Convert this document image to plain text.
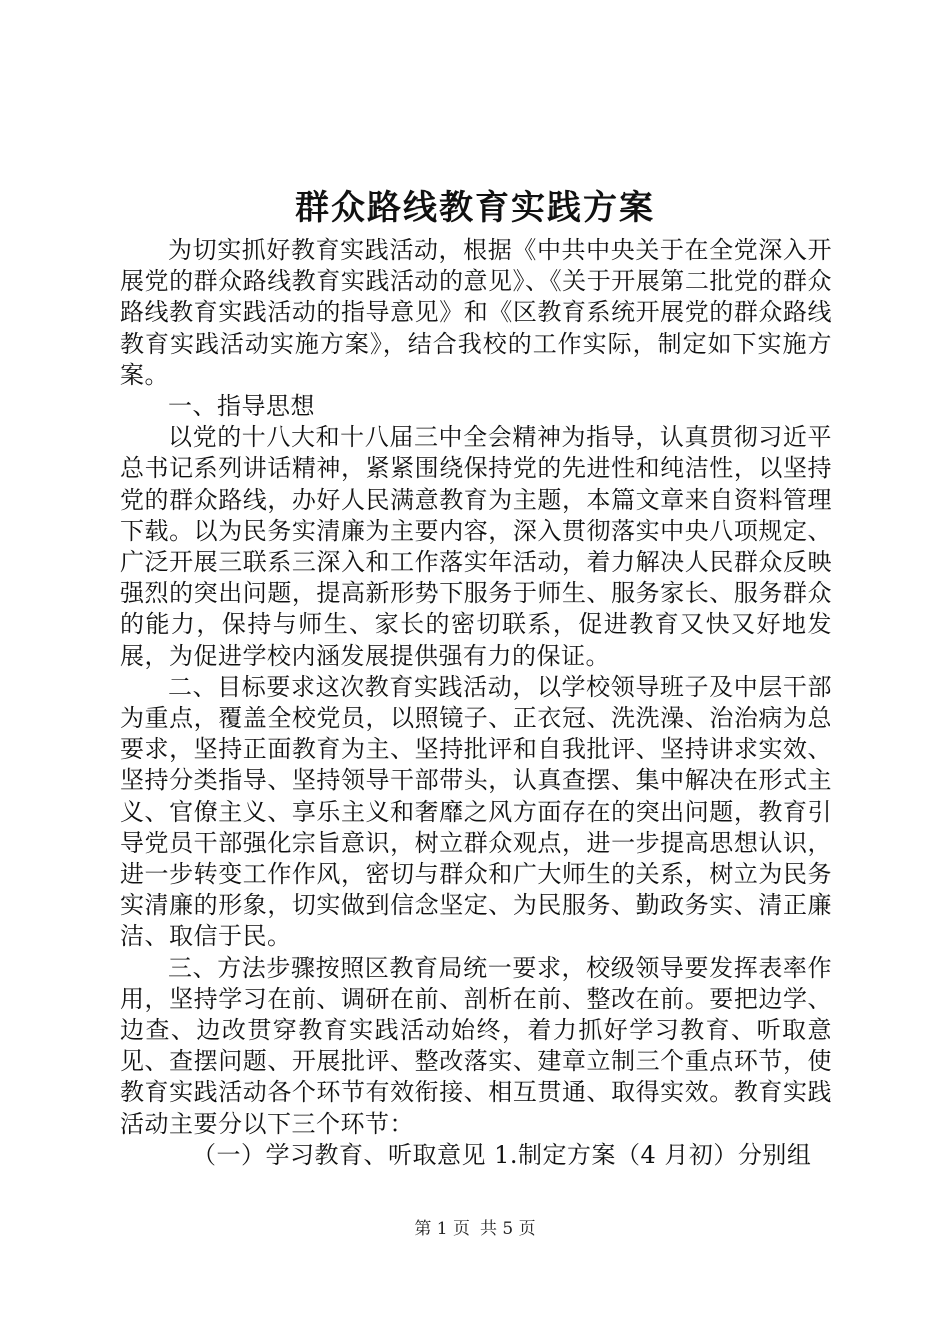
群众路线教育实践方案

为切实抓好教育实践活动，根据《中共中央关于在全党深入开展党的群众路线教育实践活动的意见》、《关于开展第二批党的群众路线教育实践活动的指导意见》和《区教育系统开展党的群众路线教育实践活动实施方案》，结合我校的工作实际，制定如下实施方案。

一、指导思想

以党的十八大和十八届三中全会精神为指导，认真贯彻习近平总书记系列讲话精神，紧紧围绕保持党的先进性和纯洁性，以坚持党的群众路线，办好人民满意教育为主题，本篇文章来自资料管理下载。以为民务实清廉为主要内容，深入贯彻落实中央八项规定、广泛开展三联系三深入和工作落实年活动，着力解决人民群众反映强烈的突出问题，提高新形势下服务于师生、服务家长、服务群众的能力，保持与师生、家长的密切联系，促进教育又快又好地发展，为促进学校内涵发展提供强有力的保证。

二、目标要求这次教育实践活动，以学校领导班子及中层干部为重点，覆盖全校党员，以照镜子、正衣冠、洗洗澡、治治病为总要求，坚持正面教育为主、坚持批评和自我批评、坚持讲求实效、坚持分类指导、坚持领导干部带头，认真查摆、集中解决在形式主义、官僚主义、享乐主义和奢靡之风方面存在的突出问题，教育引导党员干部强化宗旨意识，树立群众观点，进一步提高思想认识，进一步转变工作作风，密切与群众和广大师生的关系，树立为民务实清廉的形象，切实做到信念坚定、为民服务、勤政务实、清正廉洁、取信于民。

三、方法步骤按照区教育局统一要求，校级领导要发挥表率作用，坚持学习在前、调研在前、剖析在前、整改在前。要把边学、边查、边改贯穿教育实践活动始终，着力抓好学习教育、听取意见、查摆问题、开展批评、整改落实、建章立制三个重点环节，使教育实践活动各个环节有效衔接、相互贯通、取得实效。教育实践活动主要分以下三个环节：

（一）学习教育、听取意见 1.制定方案（4 月初）分别组

第 1 页 共 5 页
